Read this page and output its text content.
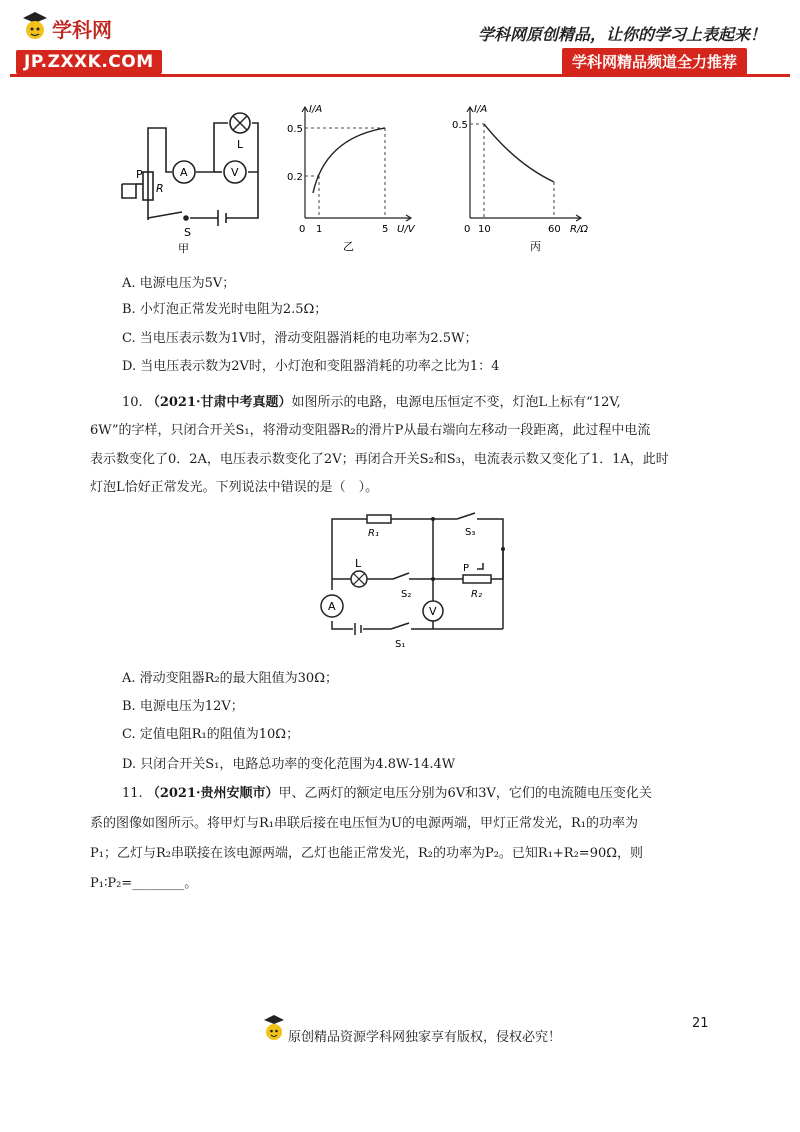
学科网
JP.ZXXK.COM
学科网原创精品，让你的学习上表起来！
学科网精品频道全力推荐
P
R
A	V
L
S
甲
I/A
U/V
0.5
0.2
0 1	5
乙
I/A
R/Ω
0.5
0 10	60
丙
A. 电源电压为5V；
B. 小灯泡正常发光时电阻为2.5Ω；
C. 当电压表示数为1V时，滑动变阻器消耗的电功率为2.5W；
D. 当电压表示数为2V时，小灯泡和变阻器消耗的功率之比为1：4
10. （2021·甘肃中考真题）如图所示的电路，电源电压恒定不变，灯泡L上标有“12V,
6W”的字样，只闭合开关S₁，将滑动变阻器R₂的滑片P从最右端向左移动一段距离，此过程中电流
表示数变化了0．2A，电压表示数变化了2V；再闭合开关S₂和S₃，电流表示数又变化了1．1A，此时
灯泡L恰好正常发光。下列说法中错误的是（　）。
R₁	S₃
L
S₂
P
R₂
A	V
S₁
A. 滑动变阻器R₂的最大阻值为30Ω；
B. 电源电压为12V；
C. 定值电阻R₁的阻值为10Ω；
D. 只闭合开关S₁，电路总功率的变化范围为4.8W-14.4W
11. （2021·贵州安顺市）甲、乙两灯的额定电压分别为6V和3V，它们的电流随电压变化关
系的图像如图所示。将甲灯与R₁串联后接在电压恒为U的电源两端，甲灯正常发光，R₁的功率为
P₁；乙灯与R₂串联接在该电源两端，乙灯也能正常发光，R₂的功率为P₂。已知R₁+R₂=90Ω，则
P₁∶P₂=________。
21
原创精品资源学科网独家享有版权，侵权必究！
